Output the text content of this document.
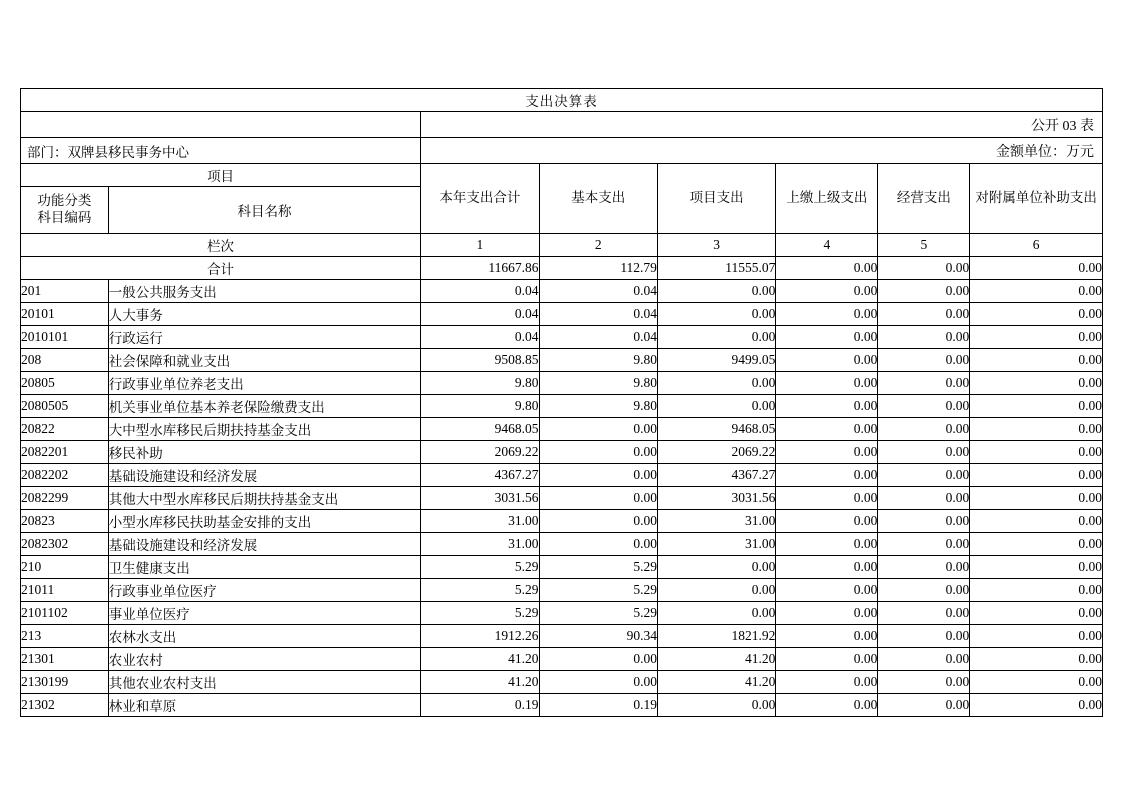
支出决算表							
		公开 03 表					
部门：双牌县移民事务中心		金额单位：万元					
项目		本年支出合计	基本支出	项目支出	上缴上级支出	经营支出	对附属单位补助支出

功能分类
科目编码	科目名称						
栏次		1	2	3	4	5	6
合计		11667.86	112.79	11555.07	0.00	0.00	0.00
201	一般公共服务支出	0.04	0.04	0.00	0.00	0.00	0.00
20101	人大事务	0.04	0.04	0.00	0.00	0.00	0.00
2010101	行政运行	0.04	0.04	0.00	0.00	0.00	0.00
208	社会保障和就业支出	9508.85	9.80	9499.05	0.00	0.00	0.00
20805	行政事业单位养老支出	9.80	9.80	0.00	0.00	0.00	0.00
2080505	机关事业单位基本养老保险缴费支出	9.80	9.80	0.00	0.00	0.00	0.00
20822	大中型水库移民后期扶持基金支出	9468.05	0.00	9468.05	0.00	0.00	0.00
2082201	移民补助	2069.22	0.00	2069.22	0.00	0.00	0.00
2082202	基础设施建设和经济发展	4367.27	0.00	4367.27	0.00	0.00	0.00
2082299	其他大中型水库移民后期扶持基金支出	3031.56	0.00	3031.56	0.00	0.00	0.00
20823	小型水库移民扶助基金安排的支出	31.00	0.00	31.00	0.00	0.00	0.00
2082302	基础设施建设和经济发展	31.00	0.00	31.00	0.00	0.00	0.00
210	卫生健康支出	5.29	5.29	0.00	0.00	0.00	0.00
21011	行政事业单位医疗	5.29	5.29	0.00	0.00	0.00	0.00
2101102	事业单位医疗	5.29	5.29	0.00	0.00	0.00	0.00
213	农林水支出	1912.26	90.34	1821.92	0.00	0.00	0.00
21301	农业农村	41.20	0.00	41.20	0.00	0.00	0.00
2130199	其他农业农村支出	41.20	0.00	41.20	0.00	0.00	0.00
21302	林业和草原	0.19	0.19	0.00	0.00	0.00	0.00
